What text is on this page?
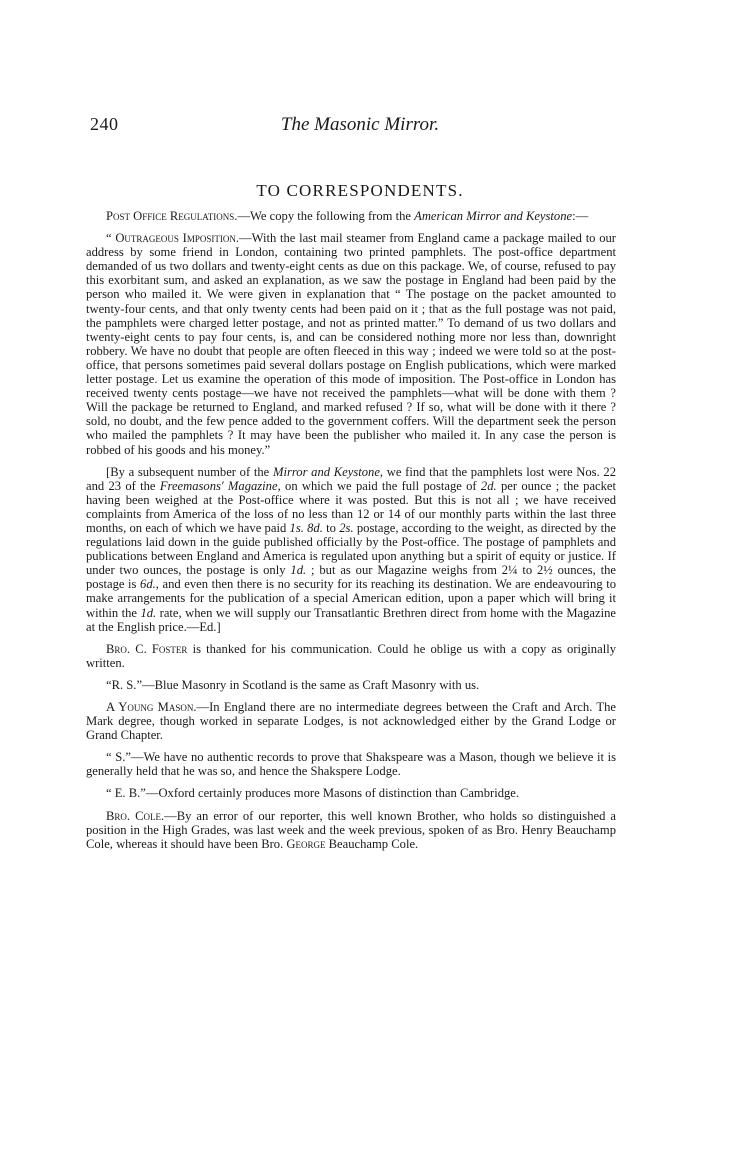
240	The Masonic Mirror.
TO CORRESPONDENTS.

Post Office Regulations.—We copy the following from the American Mirror and Keystone:—

“ Outrageous Imposition.—With the last mail steamer from England came a package mailed to our address by some friend in London, containing two printed pamphlets. The post-office department demanded of us two dollars and twenty-eight cents as due on this package. We, of course, refused to pay this exorbitant sum, and asked an explanation, as we saw the postage in England had been paid by the person who mailed it. We were given in explanation that “ The postage on the packet amounted to twenty-four cents, and that only twenty cents had been paid on it ; that as the full postage was not paid, the pamphlets were charged letter postage, and not as printed matter.” To demand of us two dollars and twenty-eight cents to pay four cents, is, and can be considered nothing more nor less than, downright robbery. We have no doubt that people are often fleeced in this way ; indeed we were told so at the post-office, that persons sometimes paid several dollars postage on English publications, which were marked letter postage. Let us examine the operation of this mode of imposition. The Post-office in London has received twenty cents postage—we have not received the pamphlets—what will be done with them ? Will the package be returned to England, and marked refused ? If so, what will be done with it there ? sold, no doubt, and the few pence added to the government coffers. Will the department seek the person who mailed the pamphlets ? It may have been the publisher who mailed it. In any case the person is robbed of his goods and his money.”

[By a subsequent number of the Mirror and Keystone, we find that the pamphlets lost were Nos. 22 and 23 of the Freemasons' Magazine, on which we paid the full postage of 2d. per ounce ; the packet having been weighed at the Post-office where it was posted. But this is not all ; we have received complaints from America of the loss of no less than 12 or 14 of our monthly parts within the last three months, on each of which we have paid 1s. 8d. to 2s. postage, according to the weight, as directed by the regulations laid down in the guide published officially by the Post-office. The postage of pamphlets and publications between England and America is regulated upon anything but a spirit of equity or justice. If under two ounces, the postage is only 1d. ; but as our Magazine weighs from 2¼ to 2½ ounces, the postage is 6d., and even then there is no security for its reaching its destination. We are endeavouring to make arrangements for the publication of a special American edition, upon a paper which will bring it within the 1d. rate, when we will supply our Transatlantic Brethren direct from home with the Magazine at the English price.—Ed.]

Bro. C. Foster is thanked for his communication. Could he oblige us with a copy as originally written.

“R. S.”—Blue Masonry in Scotland is the same as Craft Masonry with us.

A Young Mason.—In England there are no intermediate degrees between the Craft and Arch. The Mark degree, though worked in separate Lodges, is not acknowledged either by the Grand Lodge or Grand Chapter.

“ S.”—We have no authentic records to prove that Shakspeare was a Mason, though we believe it is generally held that he was so, and hence the Shakspere Lodge.

“ E. B.”—Oxford certainly produces more Masons of distinction than Cambridge.

Bro. Cole.—By an error of our reporter, this well known Brother, who holds so distinguished a position in the High Grades, was last week and the week previous, spoken of as Bro. Henry Beauchamp Cole, whereas it should have been Bro. George Beauchamp Cole.
